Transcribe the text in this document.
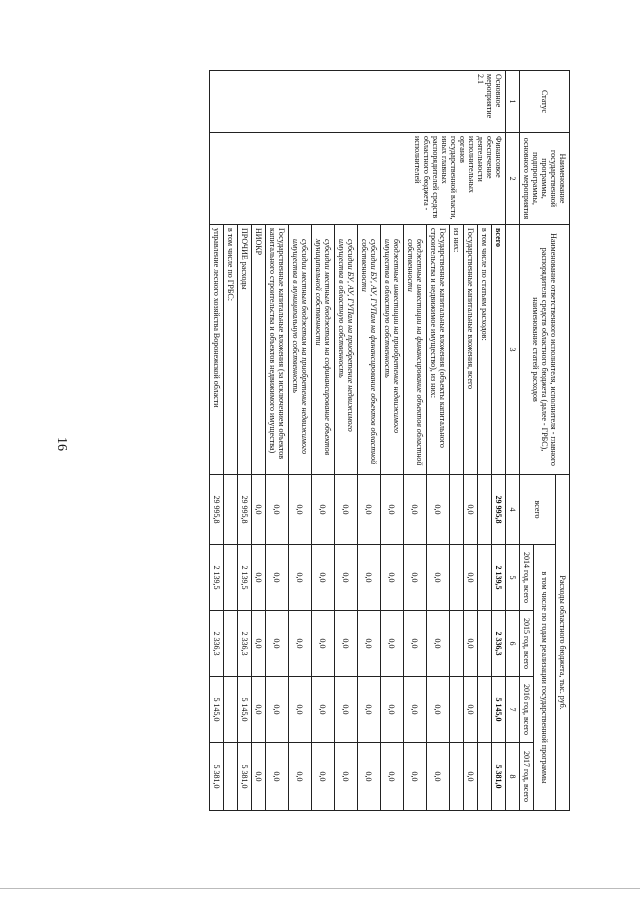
16
Статус	Наименование государственной программы, подпрограммы, основного мероприятия	Наименование ответственного исполнителя, исполнителя - главного распорядителя средств областного бюджета (далее - ГРБС), наименование статей расходов	Расходы областного бюджета, тыс. руб.				
			всего	в том числе по годам реализации государственной программы			
				2014 год, всего	2015 год, всего	2016 год, всего	2017 год, всего
1	2	3	4	5	6	7	8
Основное мероприятие 2.1	Финансовое обеспечение деятельности исполнительных органов государственной власти, иных главных распорядителей средств областного бюджета - исполнителей	всего	29 995,8	2 139,5	2 336,3	5 145,0	5 381,0
		в том числе по статьям расходов:					
		Государственные капитальные вложения, всего	0,0	0,0	0,0	0,0	0,0
		из них:					
		Государственные капитальные вложения (объекты капитального строительства и недвижимое имущество), из них:	0,0	0,0	0,0	0,0	0,0
		бюджетные инвестиции на финансирование объектов областной собственности	0,0	0,0	0,0	0,0	0,0
		бюджетные инвестиции на приобретение недвижимого имущества в областную собственность	0,0	0,0	0,0	0,0	0,0
		субсидии БУ, АУ, ГУПам на финансирование объектов областной собственности	0,0	0,0	0,0	0,0	0,0
		субсидии БУ, АУ, ГУПам на приобретение недвижимого имущества в областную собственность	0,0	0,0	0,0	0,0	0,0
		субсидии местным бюджетам на софинансирование объектов муниципальной собственности	0,0	0,0	0,0	0,0	0,0
		субсидии местным бюджетам на приобретение недвижимого имущества в муниципальную собственность	0,0	0,0	0,0	0,0	0,0
		Государственные капитальные вложения (за исключением объектов капитального строительства и объектов недвижимого имущества)	0,0	0,0	0,0	0,0	0,0
		НИОКР	0,0	0,0	0,0	0,0	0,0
		ПРОЧИЕ расходы	29 995,8	2 139,5	2 336,3	5 145,0	5 381,0
		в том числе по ГРБС:					
		управление лесного хозяйства Воронежской области	29 995,8	2 139,5	2 336,3	5 145,0	5 381,0
